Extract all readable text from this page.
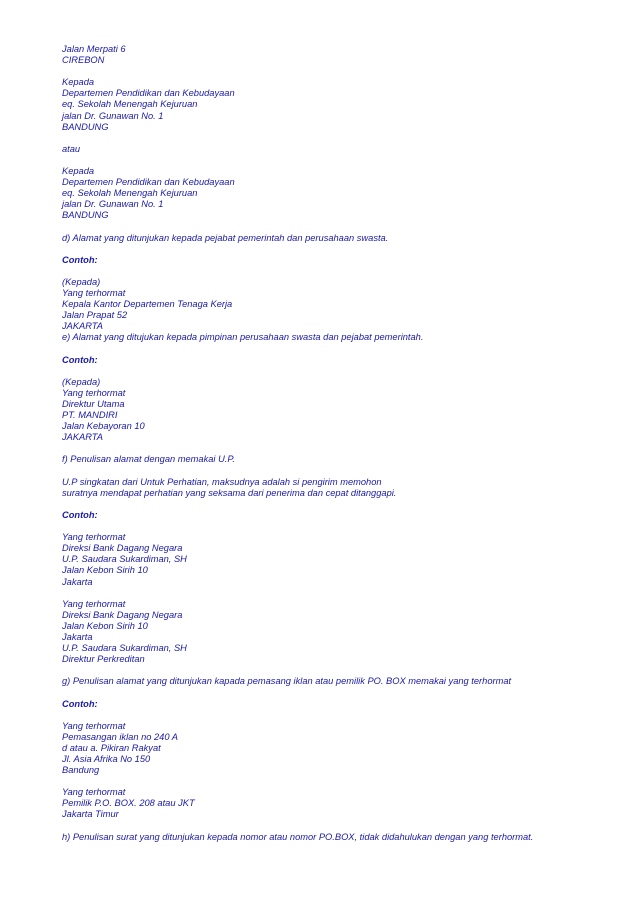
Jalan Merpati 6
CIREBON
Kepada
Departemen Pendidikan dan Kebudayaan
eq. Sekolah Menengah Kejuruan
jalan Dr. Gunawan No. 1
BANDUNG
atau
Kepada
Departemen Pendidikan dan Kebudayaan
eq. Sekolah Menengah Kejuruan
jalan Dr. Gunawan No. 1
BANDUNG
d) Alamat yang ditunjukan kepada pejabat pemerintah dan perusahaan swasta.
Contoh:
(Kepada)
Yang terhormat
Kepala Kantor Departemen Tenaga Kerja
Jalan Prapat 52
JAKARTA
e) Alamat yang ditujukan kepada pimpinan perusahaan swasta dan pejabat pemerintah.
Contoh:
(Kepada)
Yang terhormat
Direktur Utama
PT. MANDIRI
Jalan Kebayoran 10
JAKARTA
f) Penulisan alamat dengan memakai U.P.
U.P singkatan dari Untuk Perhatian, maksudnya adalah si pengirim memohon
suratnya mendapat perhatian yang seksama dari penerima dan cepat ditanggapi.
Contoh:
Yang terhormat
Direksi Bank Dagang Negara
U.P. Saudara Sukardiman, SH
Jalan Kebon Sirih 10
Jakarta
Yang terhormat
Direksi Bank Dagang Negara
Jalan Kebon Sirih 10
Jakarta
U.P. Saudara Sukardiman, SH
Direktur Perkreditan
g) Penulisan alamat yang ditunjukan kapada pemasang iklan atau pemilik PO. BOX memakai yang terhormat
Contoh:
Yang terhormat
Pemasangan iklan no 240 A
d atau a. Pikiran Rakyat
Jl. Asia Afrika No 150
Bandung
Yang terhormat
Pemilik P.O. BOX. 208 atau JKT
Jakarta Timur
h) Penulisan surat yang ditunjukan kepada nomor atau nomor PO.BOX, tidak didahulukan dengan yang terhormat.
